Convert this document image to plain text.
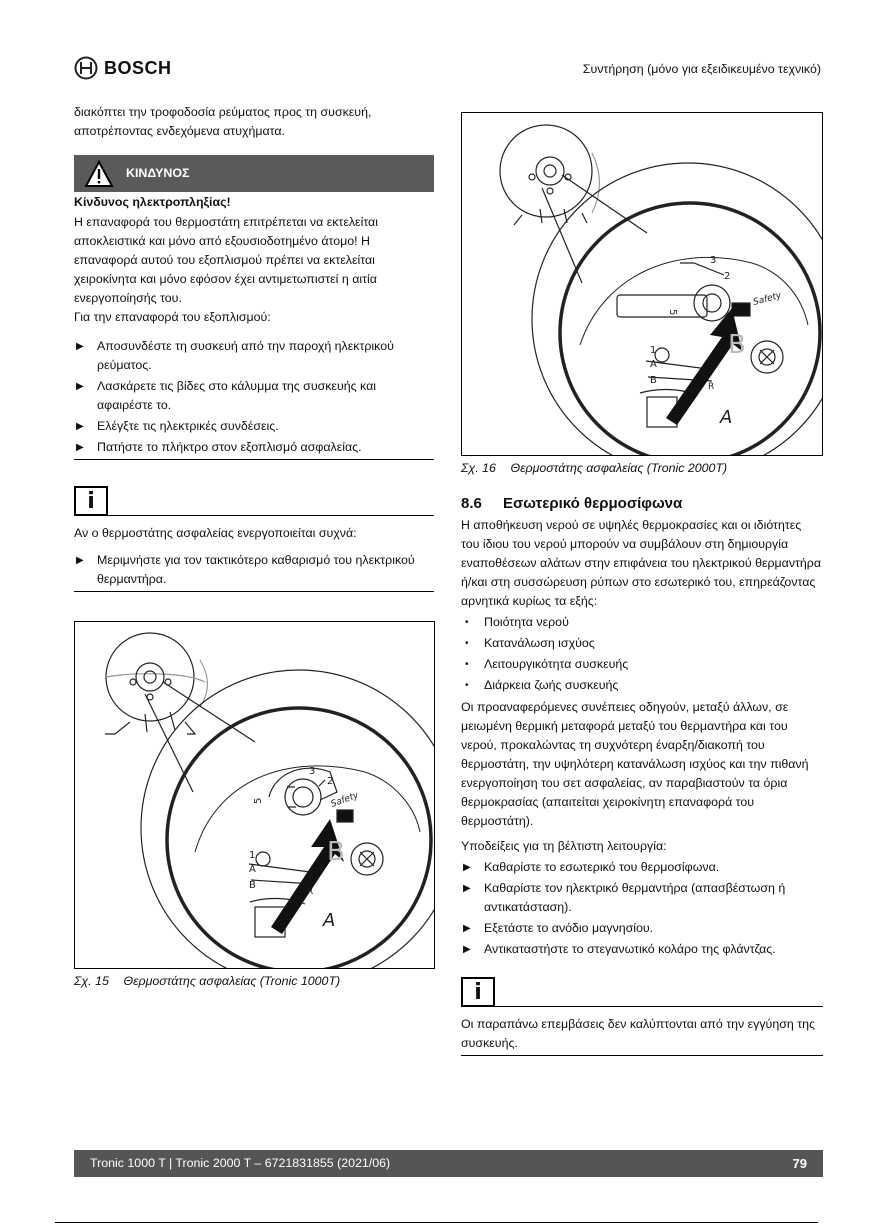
BOSCH	Συντήρηση (μόνο για εξειδικευμένο τεχνικό)

διακόπτει την τροφοδοσία ρεύματος προς τη συσκευή, αποτρέποντας ενδεχόμενα ατυχήματα.

ΚΙΝΔΥΝΟΣ

Κίνδυνος ηλεκτροπληξίας!

Η επαναφορά του θερμοστάτη επιτρέπεται να εκτελείται αποκλειστικά και μόνο από εξουσιοδοτημένο άτομο! Η επαναφορά αυτού του εξοπλισμού πρέπει να εκτελείται χειροκίνητα και μόνο εφόσον έχει αντιμετωπιστεί η αιτία ενεργοποίησής του.

Για την επαναφορά του εξοπλισμού:

▶ Αποσυνδέστε τη συσκευή από την παροχή ηλεκτρικού ρεύματος.
▶ Λασκάρετε τις βίδες στο κάλυμμα της συσκευής και αφαιρέστε το.
▶ Ελέγξτε τις ηλεκτρικές συνδέσεις.
▶ Πατήστε το πλήκτρο στον εξοπλισμό ασφαλείας.
i

Αν ο θερμοστάτης ασφαλείας ενεργοποιείται συχνά:

▶ Μεριμνήστε για τον τακτικότερο καθαρισμό του ηλεκτρικού θερμαντήρα.
Safety
1
3
2
5
A
B
R
B
A
Σχ. 15 Θερμοστάτης ασφαλείας (Tronic 1000T)
Safety
1
3
2
5
A
B
R
B
A
Σχ. 16 Θερμοστάτης ασφαλείας (Tronic 2000T)
8.6 Εσωτερικό θερμοσίφωνα

Η αποθήκευση νερού σε υψηλές θερμοκρασίες και οι ιδιότητες του ίδιου του νερού μπορούν να συμβάλουν στη δημιουργία εναποθέσεων αλάτων στην επιφάνεια του ηλεκτρικού θερμαντήρα ή/και στη συσσώρευση ρύπων στο εσωτερικό του, επηρεάζοντας αρνητικά κυρίως τα εξής:

• Ποιότητα νερού
• Κατανάλωση ισχύος
• Λειτουργικότητα συσκευής
• Διάρκεια ζωής συσκευής

Οι προαναφερόμενες συνέπειες οδηγούν, μεταξύ άλλων, σε μειωμένη θερμική μεταφορά μεταξύ του θερμαντήρα και του νερού, προκαλώντας τη συχνότερη έναρξη/διακοπή του θερμοστάτη, την υψηλότερη κατανάλωση ισχύος και την πιθανή ενεργοποίηση του σετ ασφαλείας, αν παραβιαστούν τα όρια θερμοκρασίας (απαιτείται χειροκίνητη επαναφορά του θερμοστάτη).

Υποδείξεις για τη βέλτιστη λειτουργία:

▶ Καθαρίστε το εσωτερικό του θερμοσίφωνα.
▶ Καθαρίστε τον ηλεκτρικό θερμαντήρα (απασβέστωση ή αντικατάσταση).
▶ Εξετάστε το ανόδιο μαγνησίου.
▶ Αντικαταστήστε το στεγανωτικό κολάρο της φλάντζας.
i

Οι παραπάνω επεμβάσεις δεν καλύπτονται από την εγγύηση της συσκευής.

Tronic 1000 T | Tronic 2000 T – 6721831855 (2021/06)	79
